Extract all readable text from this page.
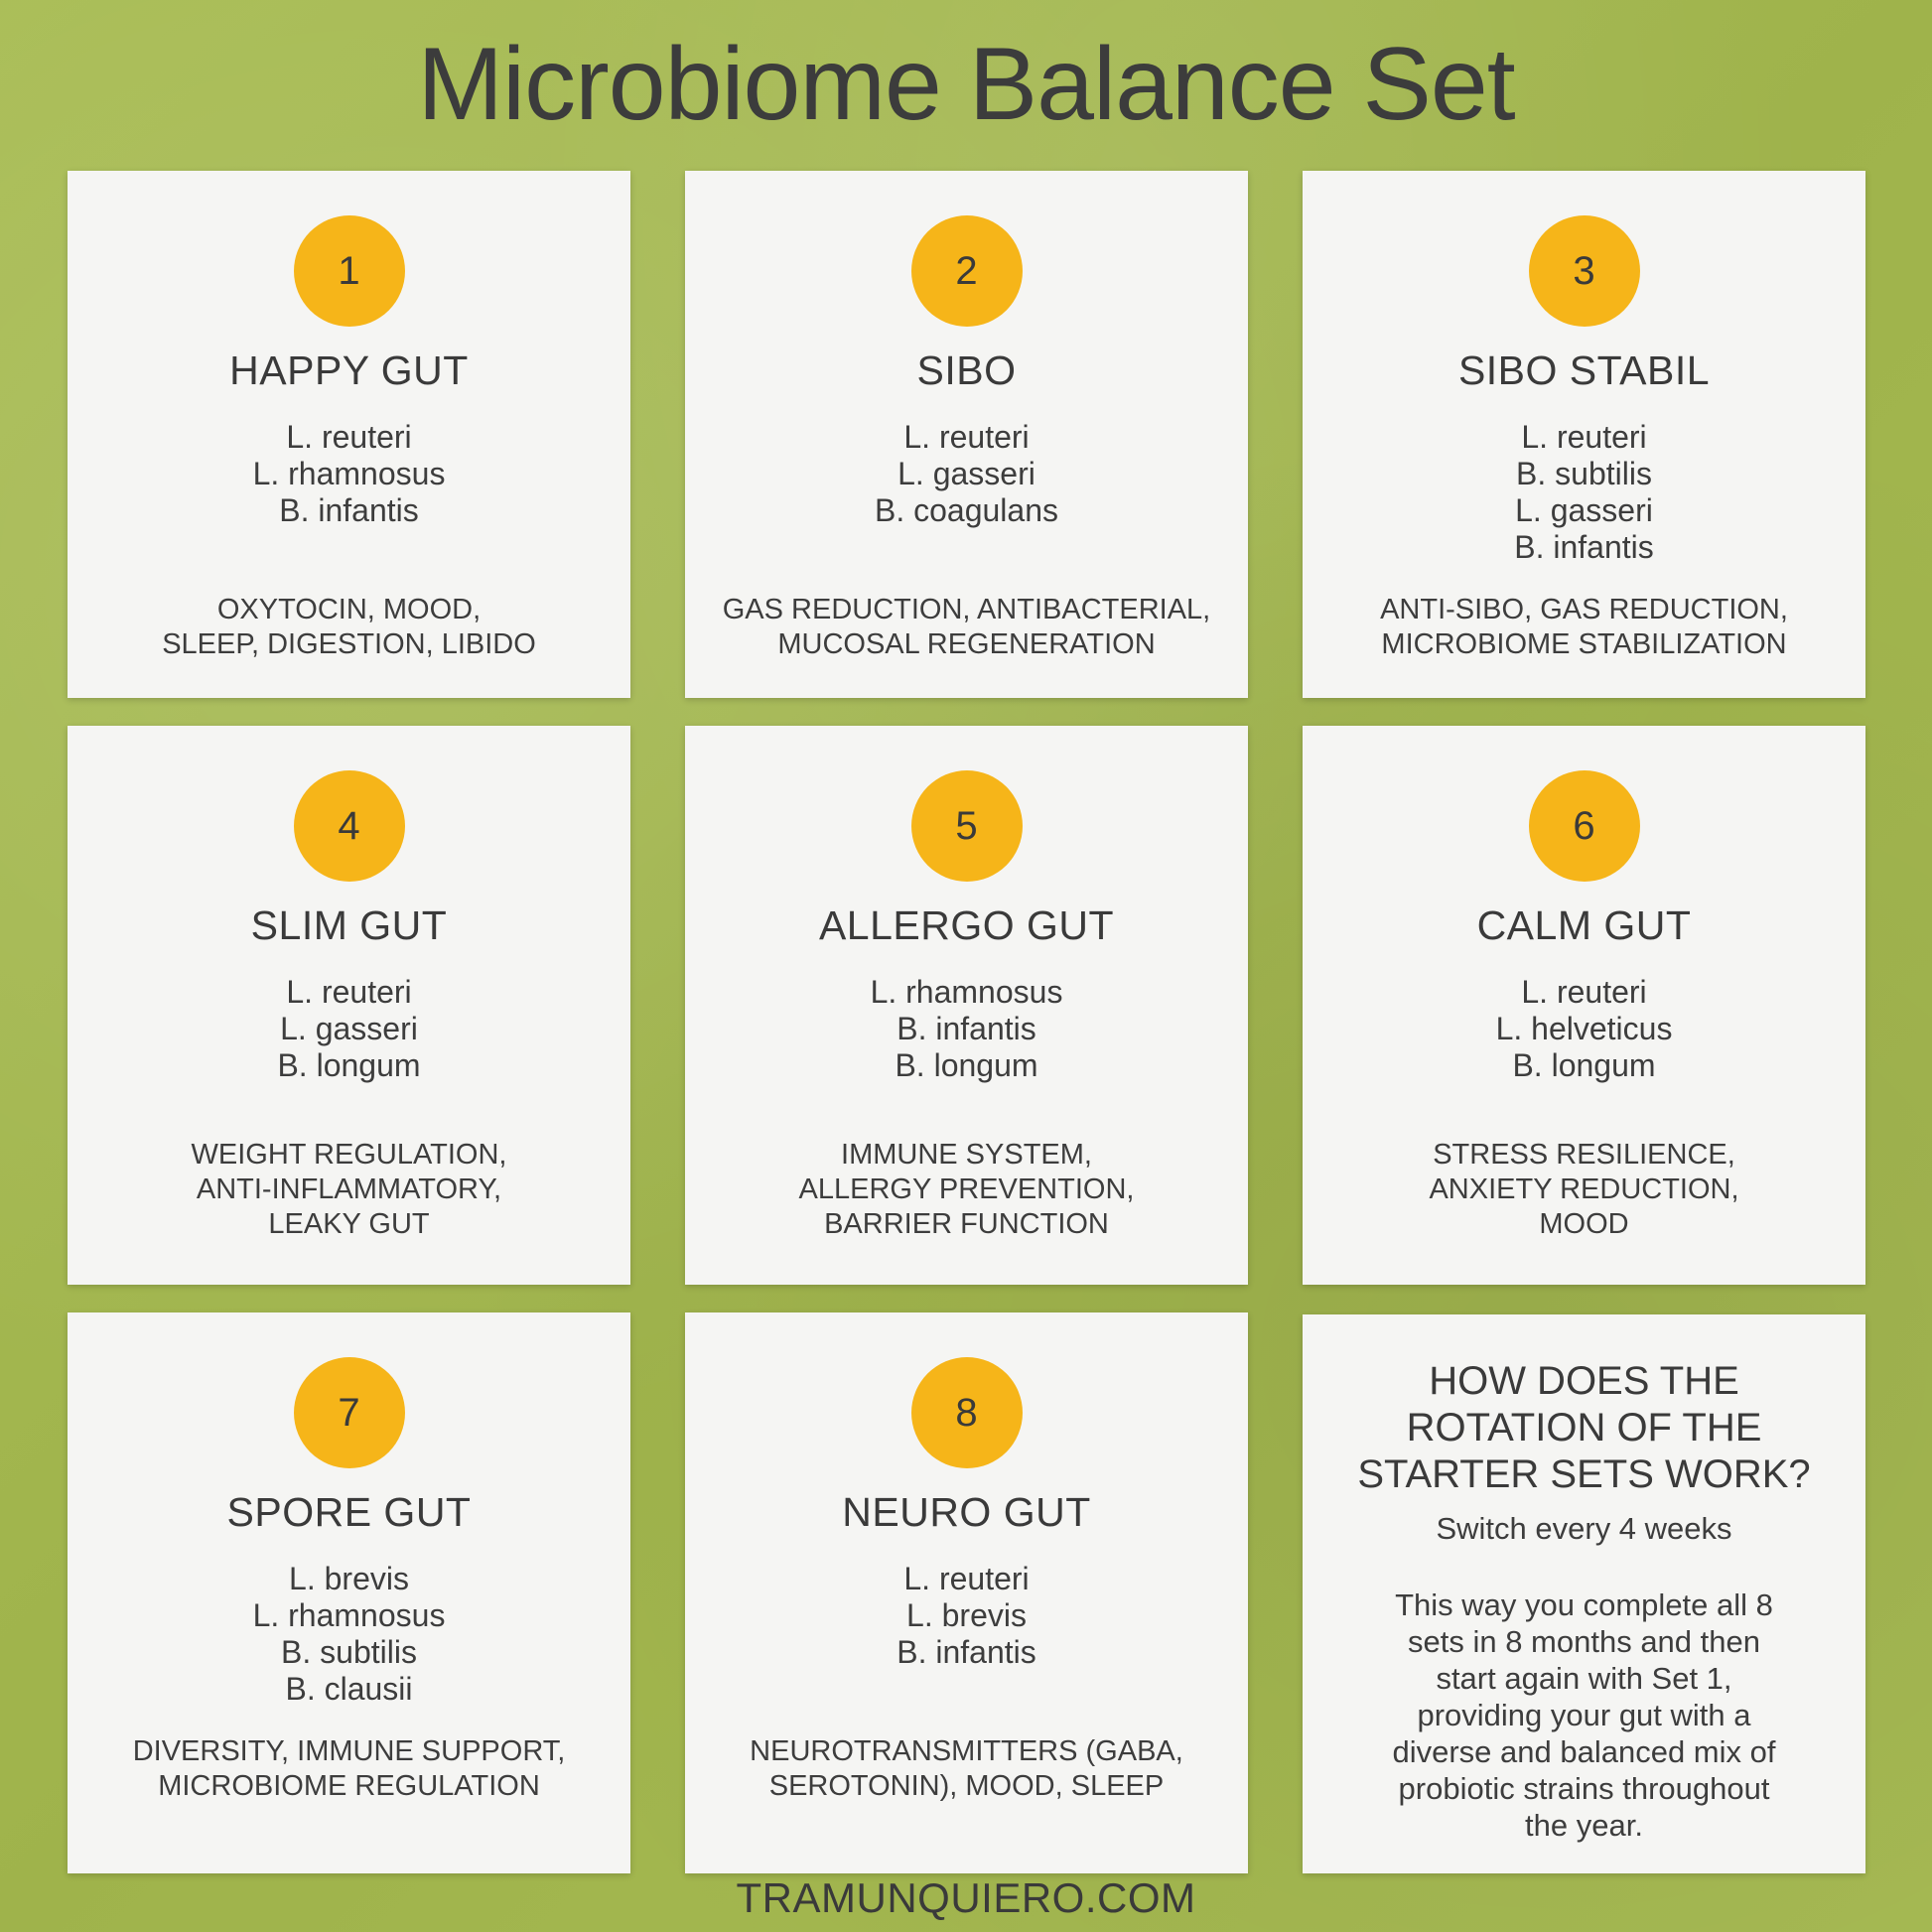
Microbiome Balance Set
1
HAPPY GUT
L. reuteri
L. rhamnosus
B. infantis
OXYTOCIN, MOOD,
SLEEP, DIGESTION, LIBIDO
2
SIBO
L. reuteri
L. gasseri
B. coagulans
GAS REDUCTION, ANTIBACTERIAL,
MUCOSAL REGENERATION
3
SIBO STABIL
L. reuteri
B. subtilis
L. gasseri
B. infantis
ANTI-SIBO, GAS REDUCTION,
MICROBIOME STABILIZATION
4
SLIM GUT
L. reuteri
L. gasseri
B. longum
WEIGHT REGULATION,
ANTI-INFLAMMATORY,
LEAKY GUT
5
ALLERGO GUT
L. rhamnosus
B. infantis
B. longum
IMMUNE SYSTEM,
ALLERGY PREVENTION,
BARRIER FUNCTION
6
CALM GUT
L. reuteri
L. helveticus
B. longum
STRESS RESILIENCE,
ANXIETY REDUCTION,
MOOD
7
SPORE GUT
L. brevis
L. rhamnosus
B. subtilis
B. clausii
DIVERSITY, IMMUNE SUPPORT,
MICROBIOME REGULATION
8
NEURO GUT
L. reuteri
L. brevis
B. infantis
NEUROTRANSMITTERS (GABA,
SEROTONIN), MOOD, SLEEP
HOW DOES THE
ROTATION OF THE
STARTER SETS WORK?
Switch every 4 weeks
This way you complete all 8
sets in 8 months and then
start again with Set 1,
providing your gut with a
diverse and balanced mix of
probiotic strains throughout
the year.
TRAMUNQUIERO.COM
